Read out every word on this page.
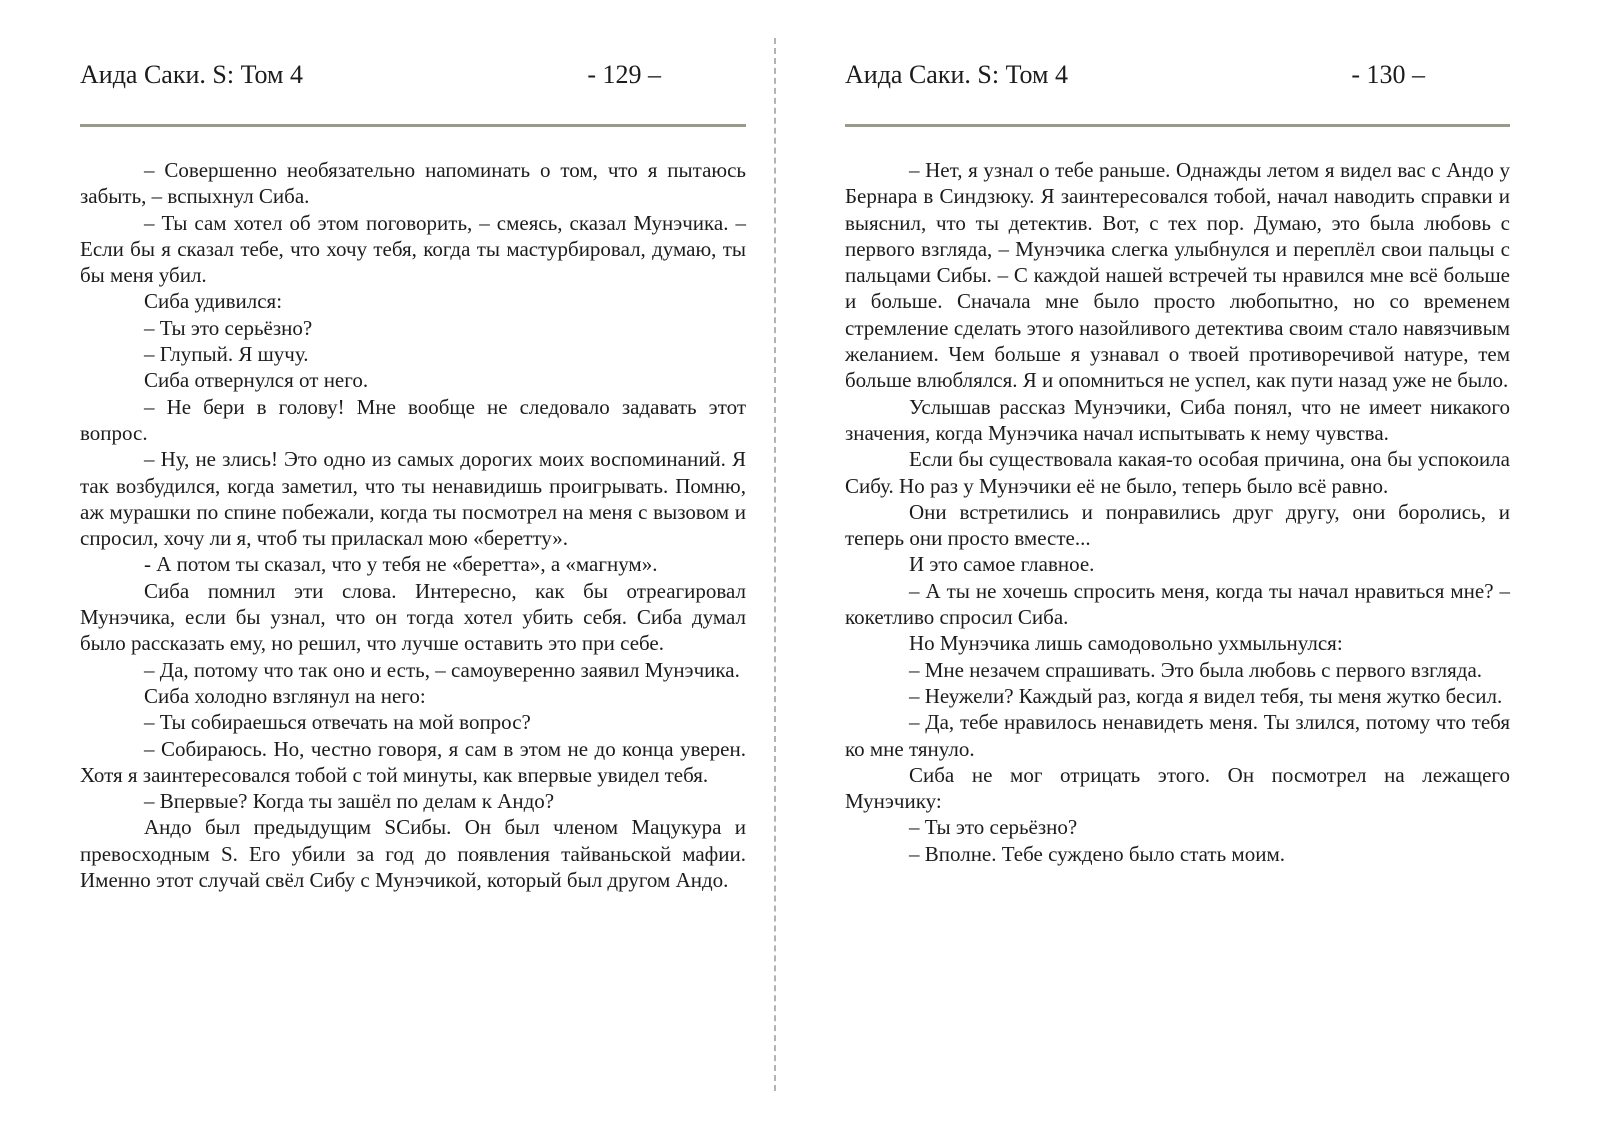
Аида Саки. S: Том 4	- 129 –

– Совершенно необязательно напоминать о том, что я пытаюсь забыть, – вспыхнул Сиба.

– Ты сам хотел об этом поговорить, – смеясь, сказал Мунэчика. – Если бы я сказал тебе, что хочу тебя, когда ты мастурбировал, думаю, ты бы меня убил.

Сиба удивился:

– Ты это серьёзно?

– Глупый. Я шучу.

Сиба отвернулся от него.

– Не бери в голову! Мне вообще не следовало задавать этот вопрос.

– Ну, не злись! Это одно из самых дорогих моих воспоминаний. Я так возбудился, когда заметил, что ты ненавидишь проигрывать. Помню, аж мурашки по спине побежали, когда ты посмотрел на меня с вызовом и спросил, хочу ли я, чтоб ты приласкал мою «беретту».

- А потом ты сказал, что у тебя не «беретта», а «магнум».

Сиба помнил эти слова. Интересно, как бы отреагировал Мунэчика, если бы узнал, что он тогда хотел убить себя. Сиба думал было рассказать ему, но решил, что лучше оставить это при себе.

– Да, потому что так оно и есть, – самоуверенно заявил Мунэчика.

Сиба холодно взглянул на него:

– Ты собираешься отвечать на мой вопрос?

– Собираюсь. Но, честно говоря, я сам в этом не до конца уверен. Хотя я заинтересовался тобой с той минуты, как впервые увидел тебя.

– Впервые? Когда ты зашёл по делам к Андо?

Андо был предыдущим SСибы. Он был членом Мацукура и превосходным S. Его убили за год до появления тайваньской мафии. Именно этот случай свёл Сибу с Мунэчикой, который был другом Андо.

Аида Саки. S: Том 4	- 130 –

– Нет, я узнал о тебе раньше. Однажды летом я видел вас с Андо у Бернара в Синдзюку. Я заинтересовался тобой, начал наводить справки и выяснил, что ты детектив. Вот, с тех пор. Думаю, это была любовь с первого взгляда, – Мунэчика слегка улыбнулся и переплёл свои пальцы с пальцами Сибы. – С каждой нашей встречей ты нравился мне всё больше и больше. Сначала мне было просто любопытно, но со временем стремление сделать этого назойливого детектива своим стало навязчивым желанием. Чем больше я узнавал о твоей противоречивой натуре, тем больше влюблялся. Я и опомниться не успел, как пути назад уже не было.

Услышав рассказ Мунэчики, Сиба понял, что не имеет никакого значения, когда Мунэчика начал испытывать к нему чувства.

Если бы существовала какая-то особая причина, она бы успокоила Сибу. Но раз у Мунэчики её не было, теперь было всё равно.

Они встретились и понравились друг другу, они боролись, и теперь они просто вместе...

И это самое главное.

– А ты не хочешь спросить меня, когда ты начал нравиться мне? – кокетливо спросил Сиба.

Но Мунэчика лишь самодовольно ухмыльнулся:

– Мне незачем спрашивать. Это была любовь с первого взгляда.

– Неужели? Каждый раз, когда я видел тебя, ты меня жутко бесил.

– Да, тебе нравилось ненавидеть меня. Ты злился, потому что тебя ко мне тянуло.

Сиба не мог отрицать этого. Он посмотрел на лежащего Мунэчику:

– Ты это серьёзно?

– Вполне. Тебе суждено было стать моим.
